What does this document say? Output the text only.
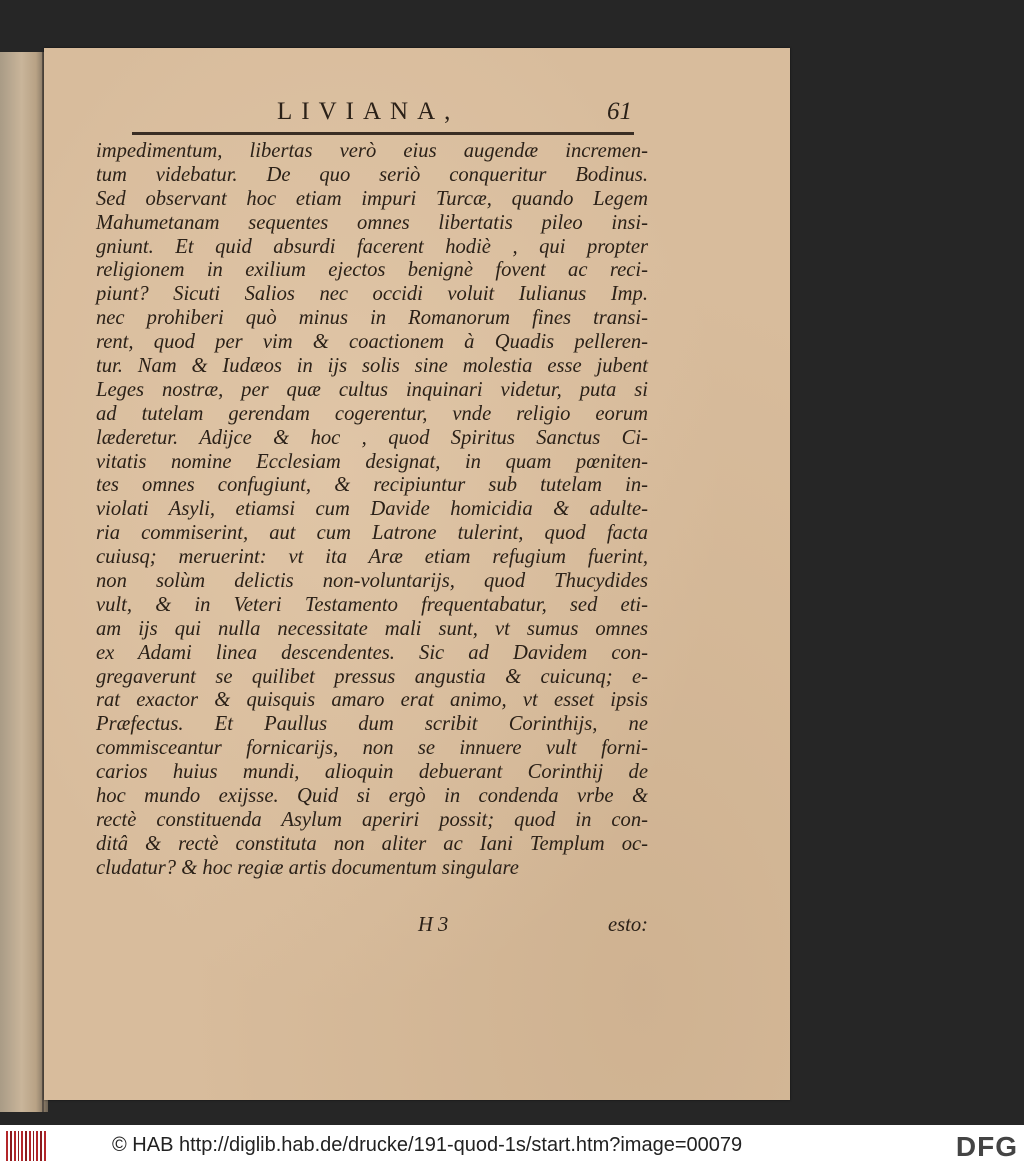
LIVIANA,	61
impedimentum, libertas verò eius augendæ incremen-
tum videbatur. De quo seriò conqueritur Bodinus.
Sed observant hoc etiam impuri Turcæ, quando Legem
Mahumetanam sequentes omnes libertatis pileo insi-
gniunt. Et quid absurdi facerent hodiè , qui propter
religionem in exilium ejectos benignè fovent ac reci-
piunt? Sicuti Salios nec occidi voluit Iulianus Imp.
nec prohiberi quò minus in Romanorum fines transi-
rent, quod per vim & coactionem à Quadis pelleren-
tur. Nam & Iudæos in ijs solis sine molestia esse jubent
Leges nostræ, per quæ cultus inquinari videtur, puta si
ad tutelam gerendam cogerentur, vnde religio eorum
læderetur. Adijce & hoc , quod Spiritus Sanctus Ci-
vitatis nomine Ecclesiam designat, in quam pœniten-
tes omnes confugiunt, & recipiuntur sub tutelam in-
violati Asyli, etiamsi cum Davide homicidia & adulte-
ria commiserint, aut cum Latrone tulerint, quod facta
cuiusq; meruerint: vt ita Aræ etiam refugium fuerint,
non solùm delictis non-voluntarijs, quod Thucydides
vult, & in Veteri Testamento frequentabatur, sed eti-
am ijs qui nulla necessitate mali sunt, vt sumus omnes
ex Adami linea descendentes. Sic ad Davidem con-
gregaverunt se quilibet pressus angustia & cuicunq; e-
rat exactor & quisquis amaro erat animo, vt esset ipsis
Præfectus. Et Paullus dum scribit Corinthijs, ne
commisceantur fornicarijs, non se innuere vult forni-
carios huius mundi, alioquin debuerant Corinthij de
hoc mundo exijsse. Quid si ergò in condenda vrbe &
rectè constituenda Asylum aperiri possit; quod in con-
ditâ & rectè constituta non aliter ac Iani Templum oc-
cludatur? & hoc regiæ artis documentum singulare
H 3	esto:
© HAB http://diglib.hab.de/drucke/191-quod-1s/start.htm?image=00079	DFG
